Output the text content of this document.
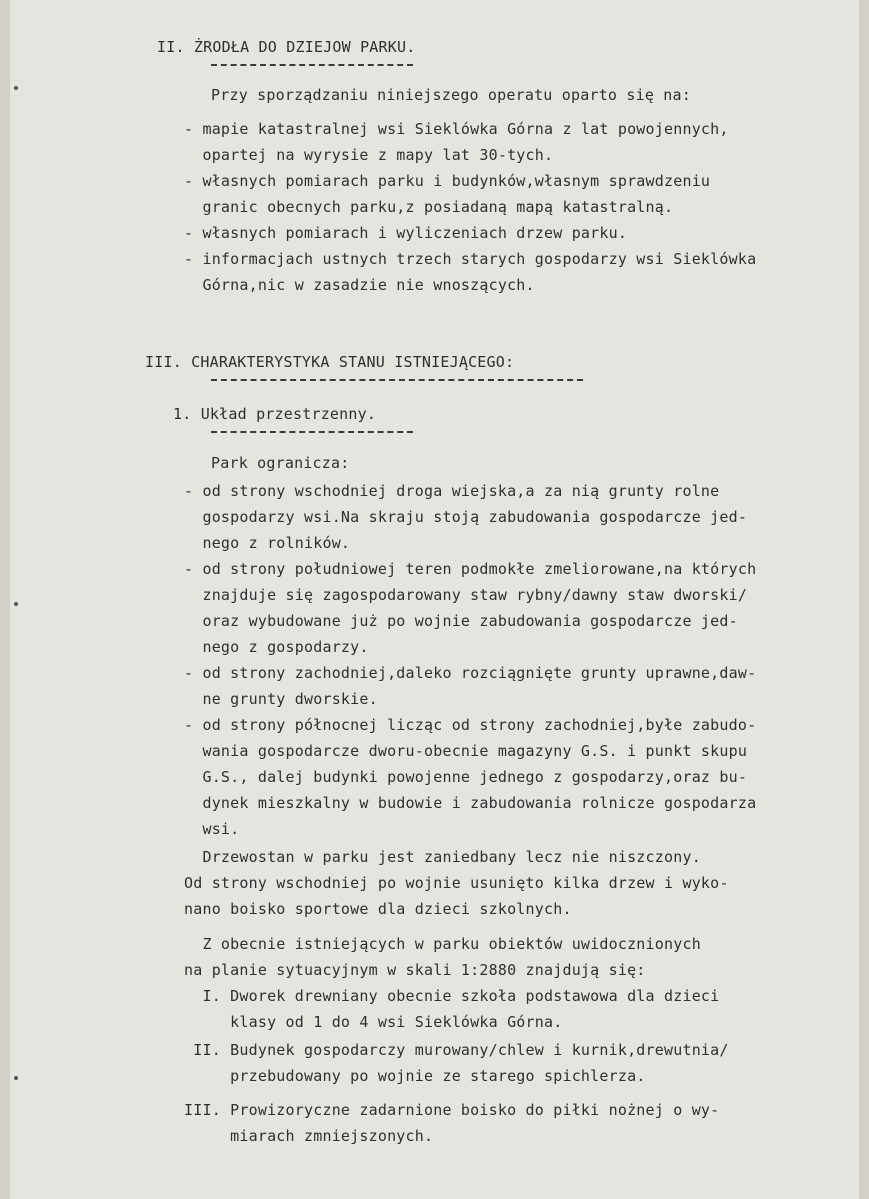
II. ŻRODŁA DO DZIEJOW PARKU.
Przy sporządzaniu niniejszego operatu oparto się na:
- mapie katastralnej wsi Sieklówka Górna z lat powojennych,
opartej na wyrysie z mapy lat 30-tych.
- własnych pomiarach parku i budynków,własnym sprawdzeniu
granic obecnych parku,z posiadaną mapą katastralną.
- własnych pomiarach i wyliczeniach drzew parku.
- informacjach ustnych trzech starych gospodarzy wsi Sieklówka
Górna,nic w zasadzie nie wnoszących.
III. CHARAKTERYSTYKA STANU ISTNIEJĄCEGO:
1. Układ przestrzenny.
Park ogranicza:
- od strony wschodniej droga wiejska,a za nią grunty rolne
gospodarzy wsi.Na skraju stoją zabudowania gospodarcze jed-
nego z rolników.
- od strony południowej teren podmokłe zmeliorowane,na których
znajduje się zagospodarowany staw rybny/dawny staw dworski/
oraz wybudowane już po wojnie zabudowania gospodarcze jed-
nego z gospodarzy.
- od strony zachodniej,daleko rozciągnięte grunty uprawne,daw-
ne grunty dworskie.
- od strony północnej licząc od strony zachodniej,byłe zabudo-
wania gospodarcze dworu-obecnie magazyny G.S. i punkt skupu
G.S., dalej budynki powojenne jednego z gospodarzy,oraz bu-
dynek mieszkalny w budowie i zabudowania rolnicze gospodarza
wsi.
Drzewostan w parku jest zaniedbany lecz nie niszczony.
Od strony wschodniej po wojnie usunięto kilka drzew i wyko-
nano boisko sportowe dla dzieci szkolnych.
Z obecnie istniejących w parku obiektów uwidocznionych
na planie sytuacyjnym w skali 1:2880 znajdują się:
I. Dworek drewniany obecnie szkoła podstawowa dla dzieci
klasy od 1 do 4 wsi Sieklówka Górna.
II. Budynek gospodarczy murowany/chlew i kurnik,drewutnia/
przebudowany po wojnie ze starego spichlerza.
III. Prowizoryczne zadarnione boisko do piłki nożnej o wy-
miarach zmniejszonych.
